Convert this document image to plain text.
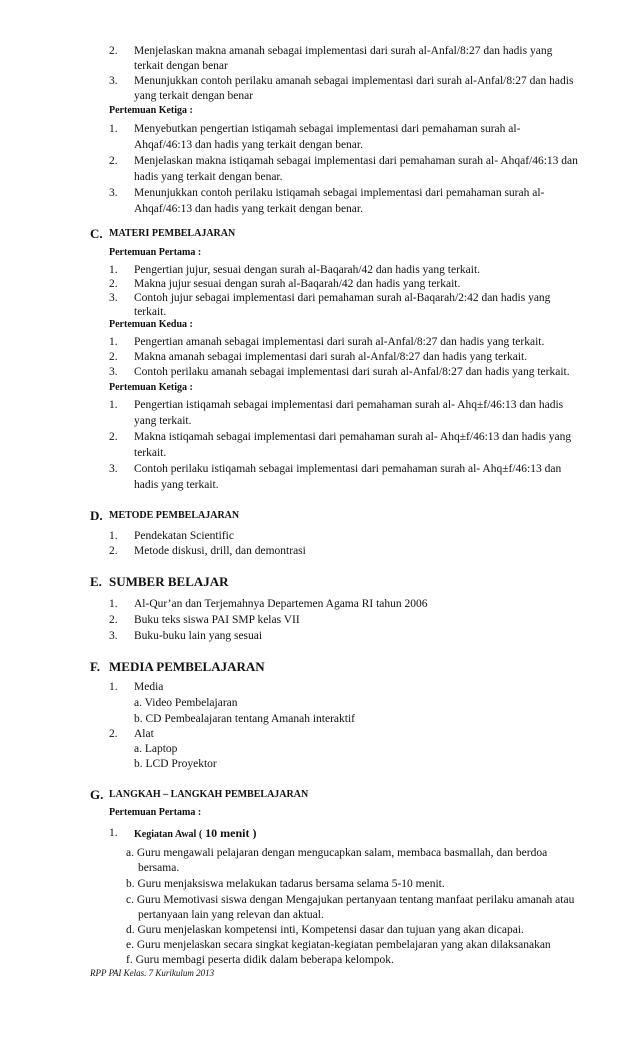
2. Menjelaskan makna amanah sebagai implementasi dari surah al-Anfal/8:27 dan hadis yang
terkait dengan benar
3. Menunjukkan contoh perilaku amanah sebagai implementasi dari surah al-Anfal/8:27 dan hadis
yang terkait dengan benar
Pertemuan Ketiga :
1. Menyebutkan pengertian istiqamah sebagai implementasi dari pemahaman surah al-
Ahqaf/46:13 dan hadis yang terkait dengan benar.
2. Menjelaskan makna istiqamah sebagai implementasi dari pemahaman surah al- Ahqaf/46:13 dan
hadis yang terkait dengan benar.
3. Menunjukkan contoh perilaku istiqamah sebagai implementasi dari pemahaman surah al-
Ahqaf/46:13 dan hadis yang terkait dengan benar.
C. MATERI PEMBELAJARAN
Pertemuan Pertama :
1. Pengertian jujur, sesuai dengan surah al-Baqarah/42 dan hadis yang terkait.
2. Makna jujur sesuai dengan surah al-Baqarah/42 dan hadis yang terkait.
3. Contoh jujur sebagai implementasi dari pemahaman surah al-Baqarah/2:42 dan hadis yang
terkait.
Pertemuan Kedua :
1. Pengertian amanah sebagai implementasi dari surah al-Anfal/8:27 dan hadis yang terkait.
2. Makna amanah sebagai implementasi dari surah al-Anfal/8:27 dan hadis yang terkait.
3. Contoh perilaku amanah sebagai implementasi dari surah al-Anfal/8:27 dan hadis yang terkait.
Pertemuan Ketiga :
1. Pengertian istiqamah sebagai implementasi dari pemahaman surah al- Ahq±f/46:13 dan hadis
yang terkait.
2. Makna istiqamah sebagai implementasi dari pemahaman surah al- Ahq±f/46:13 dan hadis yang
terkait.
3. Contoh perilaku istiqamah sebagai implementasi dari pemahaman surah al- Ahq±f/46:13 dan
hadis yang terkait.
D. METODE PEMBELAJARAN
1. Pendekatan Scientific
2. Metode diskusi, drill, dan demontrasi
E. SUMBER BELAJAR
1. Al-Qur’an dan Terjemahnya Departemen Agama RI tahun 2006
2. Buku teks siswa PAI SMP kelas VII
3. Buku-buku lain yang sesuai
F. MEDIA PEMBELAJARAN
1. Media
a. Video Pembelajaran
b. CD Pembealajaran tentang Amanah interaktif
2. Alat
a. Laptop
b. LCD Proyektor
G. LANGKAH – LANGKAH PEMBELAJARAN
Pertemuan Pertama :
1. Kegiatan Awal ( 10 menit )
a. Guru mengawali pelajaran dengan mengucapkan salam, membaca basmallah, dan berdoa
bersama.
b. Guru menjaksiswa melakukan tadarus bersama selama 5-10 menit.
c. Guru Memotivasi siswa dengan Mengajukan pertanyaan tentang manfaat perilaku amanah atau
pertanyaan lain yang relevan dan aktual.
d. Guru menjelaskan kompetensi inti, Kompetensi dasar dan tujuan yang akan dicapai.
e. Guru menjelaskan secara singkat kegiatan-kegiatan pembelajaran yang akan dilaksanakan
f. Guru membagi peserta didik dalam beberapa kelompok.
RPP PAI Kelas. 7 Kurikulum 2013
